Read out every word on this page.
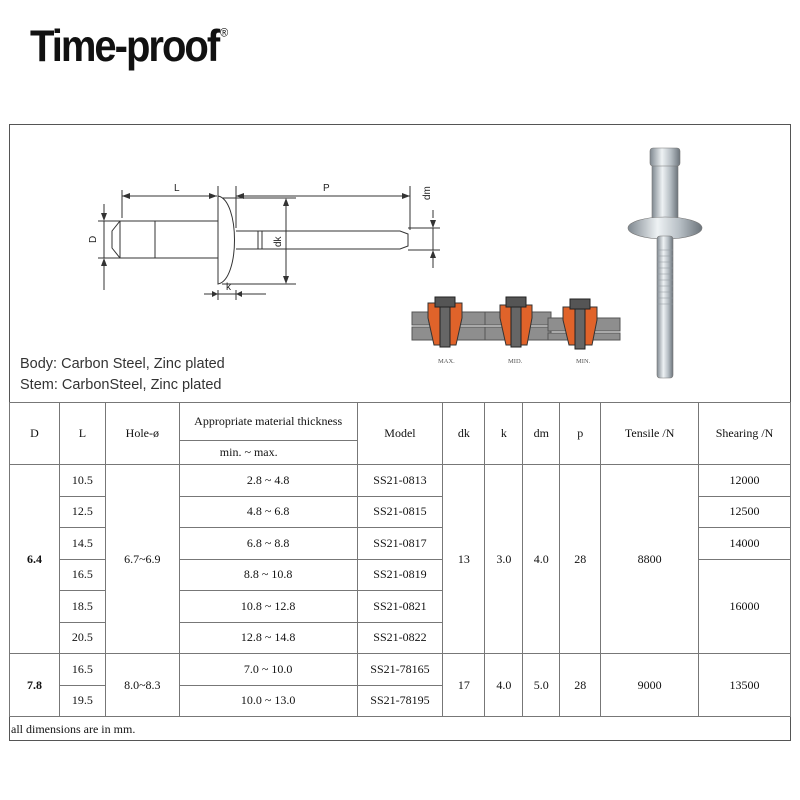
Time-proof ®
L	P
D	dk
k
dm
MAX.	MID.	MIN.
Body: Carbon Steel, Zinc plated
Stem: CarbonSteel, Zinc plated
D	L	Hole-ø	Appropriate material thickness	Model	dk	k	dm	p	Tensile /N	Shearing /N
			min. ~ max.							
6.4	10.5	6.7~6.9	2.8 ~ 4.8	SS21-0813	13	3.0	4.0	28	8800	12000
	12.5		4.8 ~ 6.8	SS21-0815						12500
	14.5		6.8 ~ 8.8	SS21-0817						14000
	16.5		8.8 ~ 10.8	SS21-0819						16000
	18.5		10.8 ~ 12.8	SS21-0821						
	20.5		12.8 ~ 14.8	SS21-0822						
7.8	16.5	8.0~8.3	7.0 ~ 10.0	SS21-78165	17	4.0	5.0	28	9000	13500
	19.5		10.0 ~ 13.0	SS21-78195						
all dimensions are in mm.
